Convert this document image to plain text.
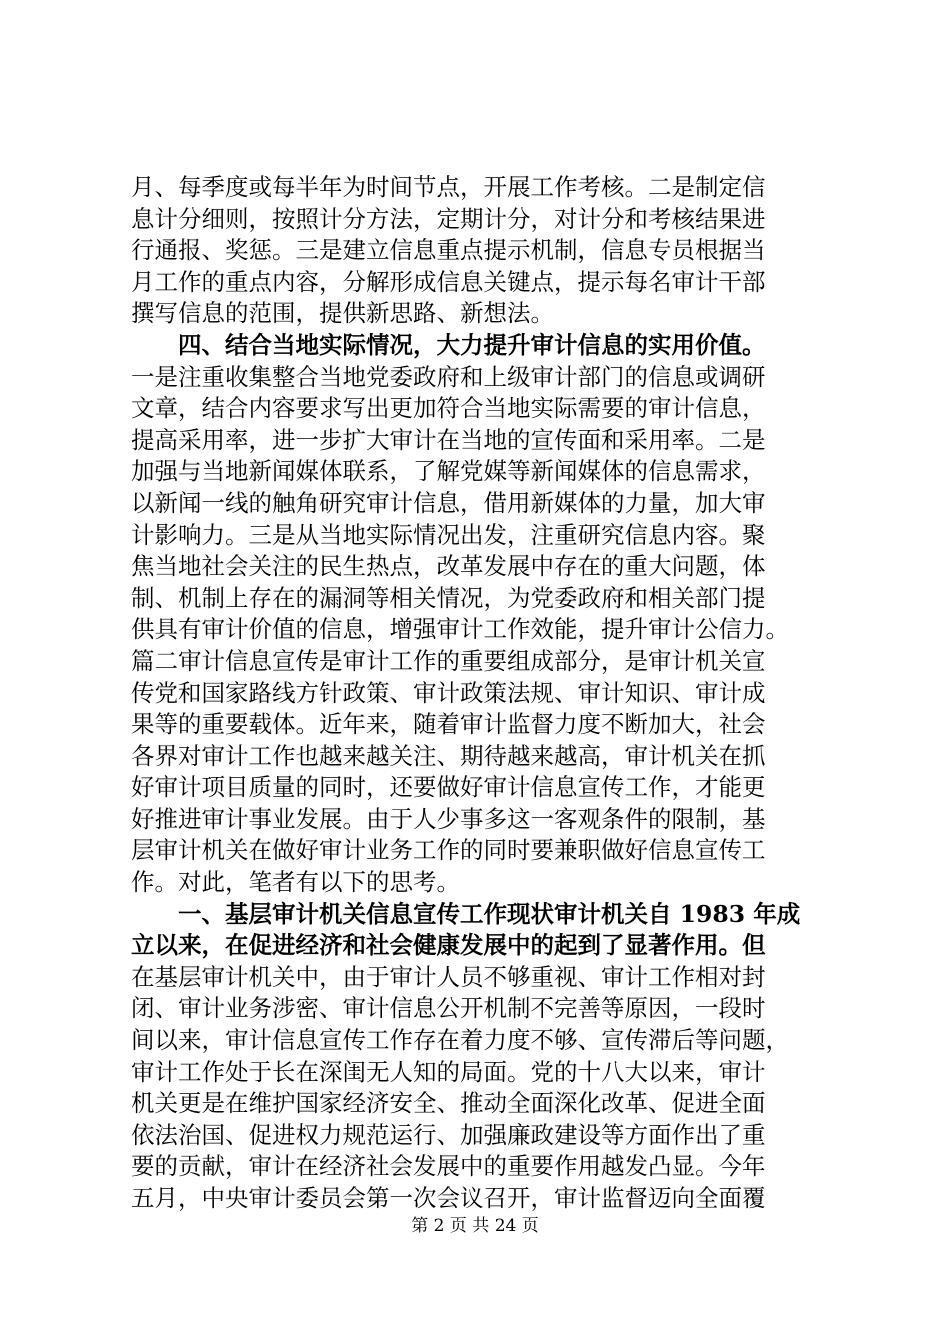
月、每季度或每半年为时间节点，开展工作考核。二是制定信
息计分细则，按照计分方法，定期计分，对计分和考核结果进
行通报、奖惩。三是建立信息重点提示机制，信息专员根据当
月工作的重点内容，分解形成信息关键点，提示每名审计干部
撰写信息的范围，提供新思路、新想法。
　　四、结合当地实际情况，大力提升审计信息的实用价值。
一是注重收集整合当地党委政府和上级审计部门的信息或调研
文章，结合内容要求写出更加符合当地实际需要的审计信息，
提高采用率，进一步扩大审计在当地的宣传面和采用率。二是
加强与当地新闻媒体联系，了解党媒等新闻媒体的信息需求，
以新闻一线的触角研究审计信息，借用新媒体的力量，加大审
计影响力。三是从当地实际情况出发，注重研究信息内容。聚
焦当地社会关注的民生热点，改革发展中存在的重大问题，体
制、机制上存在的漏洞等相关情况，为党委政府和相关部门提
供具有审计价值的信息，增强审计工作效能，提升审计公信力。
篇二审计信息宣传是审计工作的重要组成部分，是审计机关宣
传党和国家路线方针政策、审计政策法规、审计知识、审计成
果等的重要载体。近年来，随着审计监督力度不断加大，社会
各界对审计工作也越来越关注、期待越来越高，审计机关在抓
好审计项目质量的同时，还要做好审计信息宣传工作，才能更
好推进审计事业发展。由于人少事多这一客观条件的限制，基
层审计机关在做好审计业务工作的同时要兼职做好信息宣传工
作。对此，笔者有以下的思考。
　　一、基层审计机关信息宣传工作现状审计机关自 1983 年成
立以来，在促进经济和社会健康发展中的起到了显著作用。但
在基层审计机关中，由于审计人员不够重视、审计工作相对封
闭、审计业务涉密、审计信息公开机制不完善等原因，一段时
间以来，审计信息宣传工作存在着力度不够、宣传滞后等问题，
审计工作处于长在深闺无人知的局面。党的十八大以来，审计
机关更是在维护国家经济安全、推动全面深化改革、促进全面
依法治国、促进权力规范运行、加强廉政建设等方面作出了重
要的贡献，审计在经济社会发展中的重要作用越发凸显。今年
五月，中央审计委员会第一次会议召开，审计监督迈向全面覆
第 2 页 共 24 页
